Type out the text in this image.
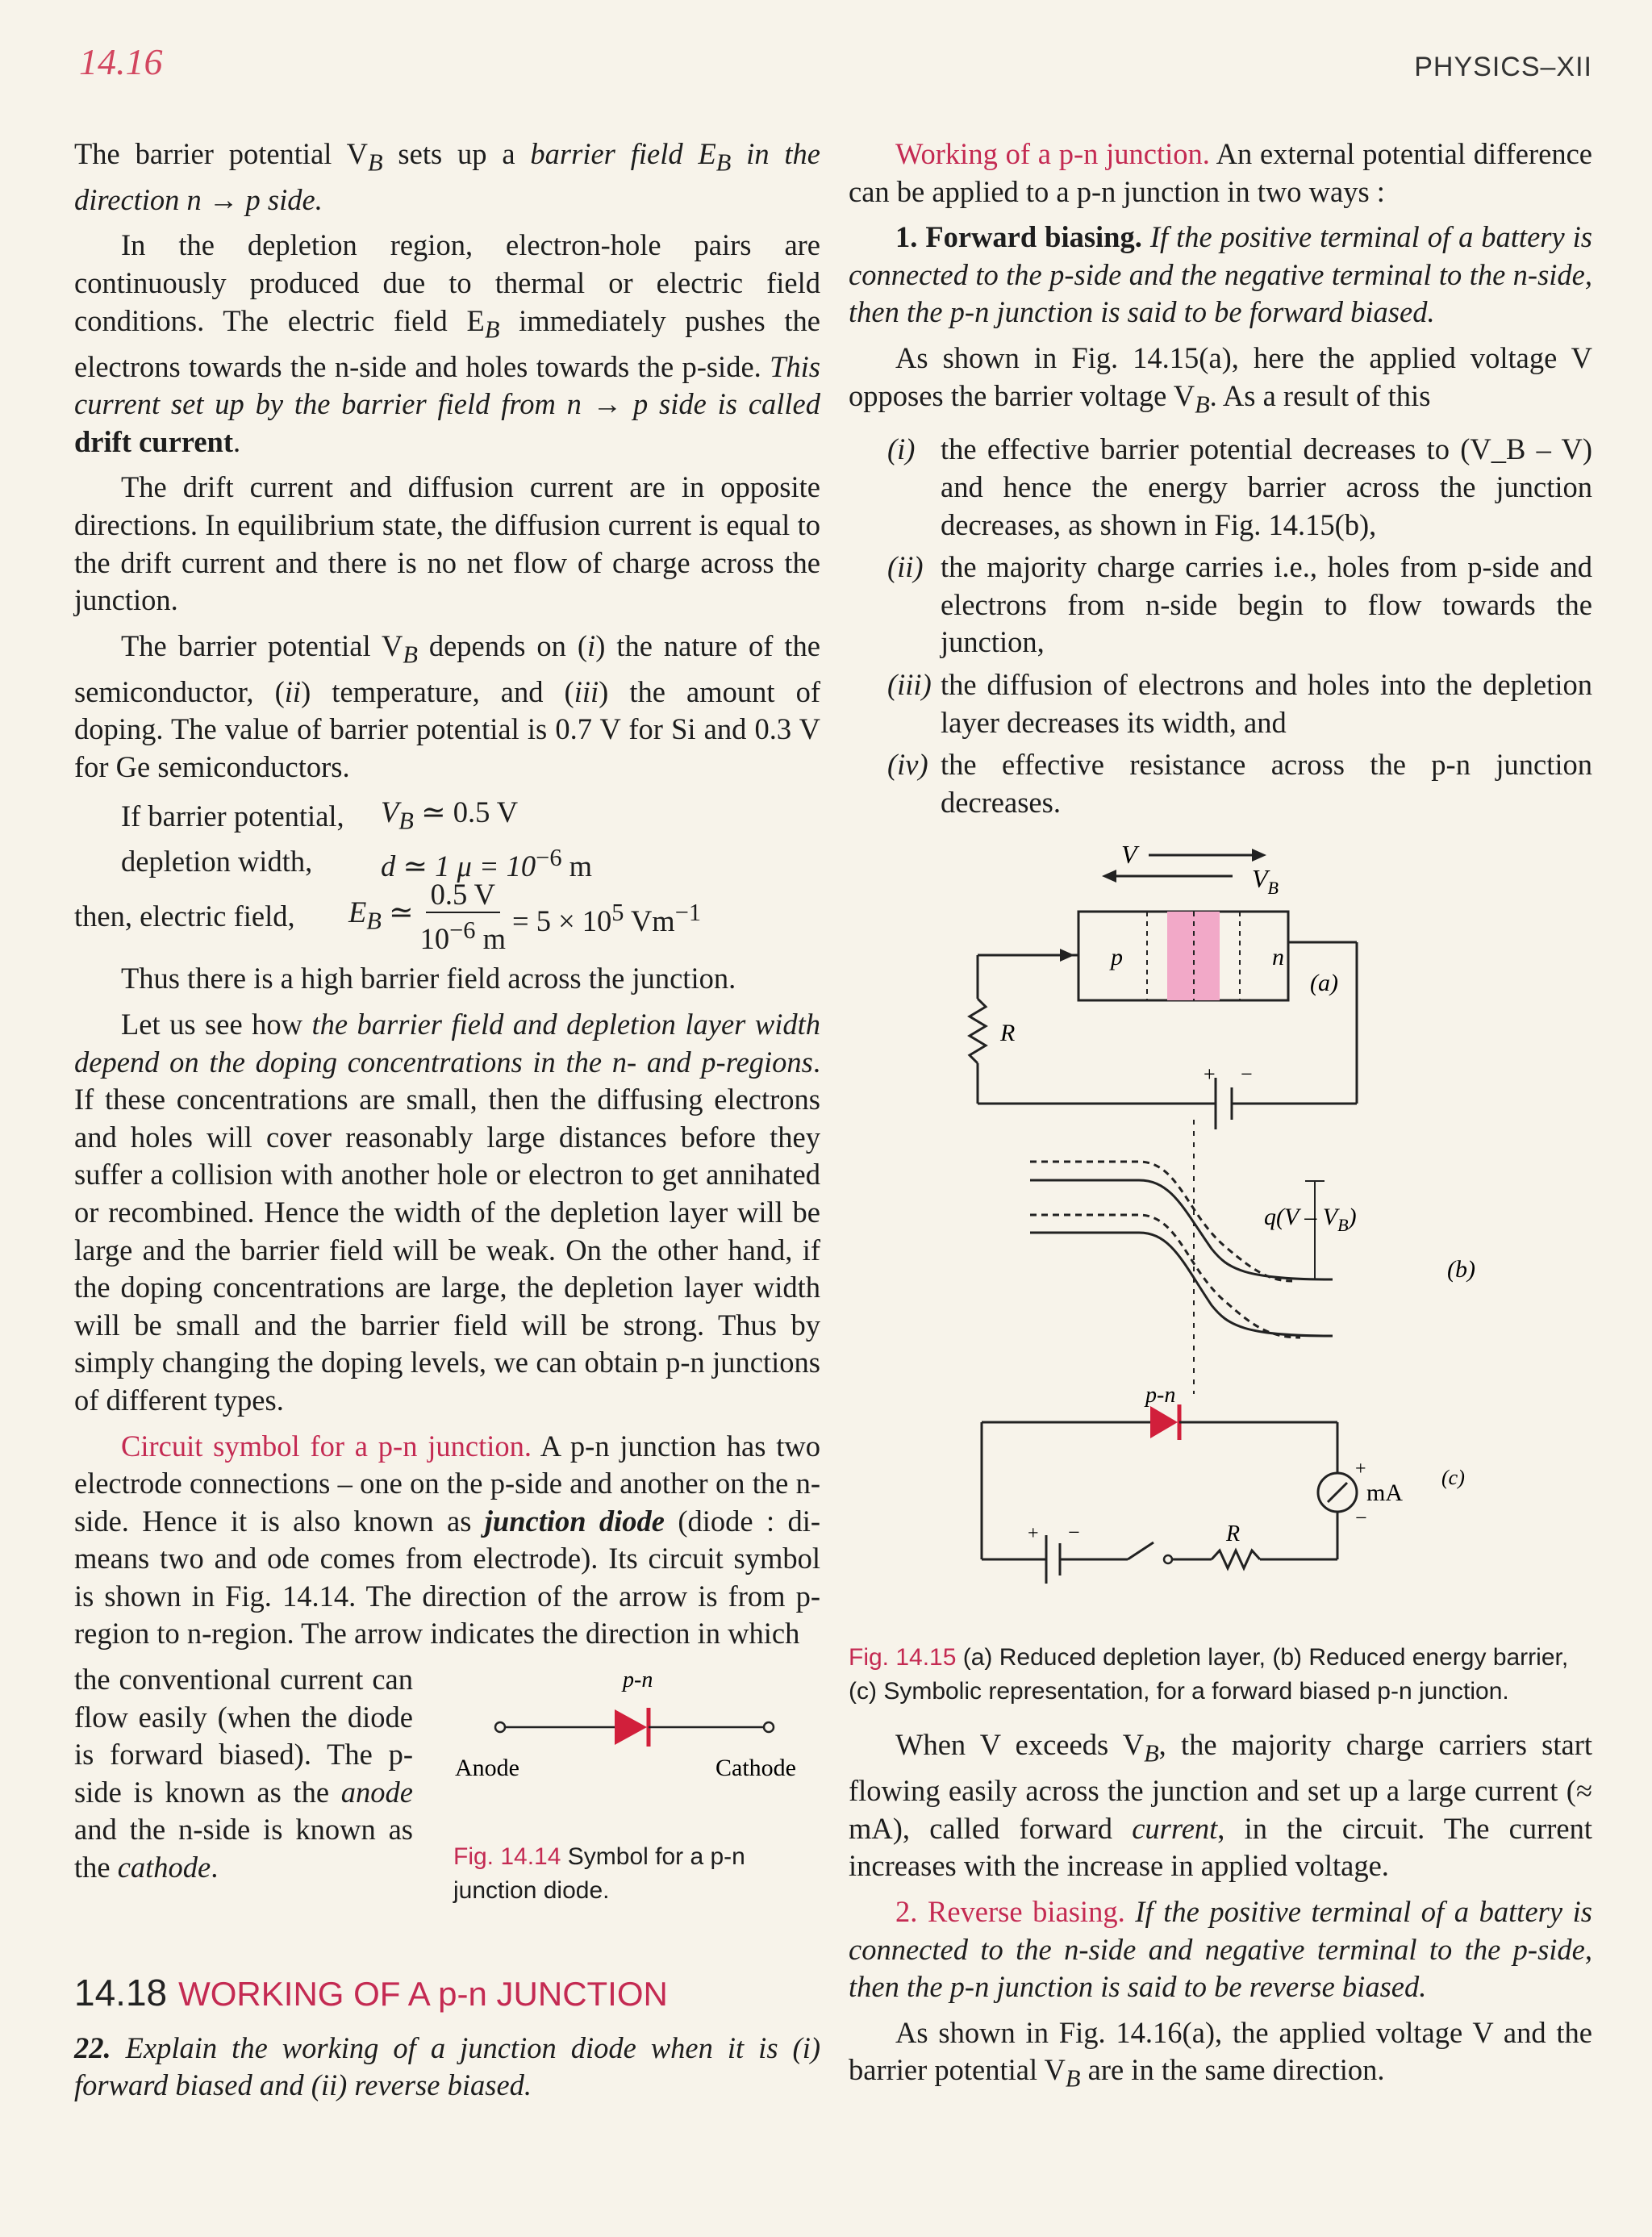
14.16	PHYSICS–XII

The barrier potential $V_B$ sets up a barrier field $E_B$ in the direction n → p side.

In the depletion region, electron-hole pairs are continuously produced due to thermal or electric field conditions. The electric field $E_B$ immediately pushes the electrons towards the n-side and holes towards the p-side. This current set up by the barrier field from n → p side is called drift current.

The drift current and diffusion current are in opposite directions. In equilibrium state, the diffusion current is equal to the drift current and there is no net flow of charge across the junction.

The barrier potential $V_B$ depends on (i) the nature of the semiconductor, (ii) temperature, and (iii) the amount of doping. The value of barrier potential is 0.7 V for Si and 0.3 V for Ge semiconductors.

If barrier potential,	$V_B$ ≃ 0.5 V
depletion width,	d ≃ 1 $\mu = 10^{-6}$ m
then, electric field,	$E_B$ ≃ $\frac{0.5 V}{10^{-6} m} = 5 \times 10^5$ $Vm^{-1}$

Thus there is a high barrier field across the junction.

Let us see how the barrier field and depletion layer width depend on the doping concentrations in the n- and p-regions. If these concentrations are small, then the diffusing electrons and holes will cover reasonably large distances before they suffer a collision with another hole or electron to get annihated or recombined. Hence the width of the depletion layer will be large and the barrier field will be weak. On the other hand, if the doping concentrations are large, the depletion layer width will be small and the barrier field will be strong. Thus by simply changing the doping levels, we can obtain p-n junctions of different types.

Circuit symbol for a p-n junction. A p-n junction has two electrode connections – one on the p-side and another on the n-side. Hence it is also known as junction diode (diode : di-means two and ode comes from electrode). Its circuit symbol is shown in Fig. 14.14. The direction of the arrow is from p-region to n-region. The arrow indicates the direction in which

the conventional current can flow easily (when the diode is forward biased). The p-side is known as the anode and the n-side is known as the cathode.
p-n
Anode	Cathode
Fig. 14.14 Symbol for a p-n junction diode.
14.18 WORKING OF A p-n JUNCTION

22. Explain the working of a junction diode when it is (i) forward biased and (ii) reverse biased.

Working of a p-n junction. An external potential difference can be applied to a p-n junction in two ways :

1. Forward biasing. If the positive terminal of a battery is connected to the p-side and the negative terminal to the n-side, then the p-n junction is said to be forward biased.

As shown in Fig. 14.15(a), here the applied voltage V opposes the barrier voltage $V_B$. As a result of this

(i) the effective barrier potential decreases to (V_B – V) and hence the energy barrier across the junction decreases, as shown in Fig. 14.15(b),
(ii) the majority charge carries i.e., holes from p-side and electrons from n-side begin to flow towards the junction,
(iii) the diffusion of electrons and holes into the depletion layer decreases its width, and
(iv) the effective resistance across the p-n junction decreases.
V
$V_B$
p	n
+ −
R
(a)
$q(V - V_B)$
(b)
p-n
+
−
mA
(c)
R
+ −
Fig. 14.15 (a) Reduced depletion layer, (b) Reduced energy barrier, (c) Symbolic representation, for a forward biased p-n junction.

When V exceeds $V_B$, the majority charge carriers start flowing easily across the junction and set up a large current (≈ mA), called forward current, in the circuit. The current increases with the increase in applied voltage.

2. Reverse biasing. If the positive terminal of a battery is connected to the n-side and negative terminal to the p-side, then the p-n junction is said to be reverse biased.

As shown in Fig. 14.16(a), the applied voltage V and the barrier potential $V_B$ are in the same direction.
